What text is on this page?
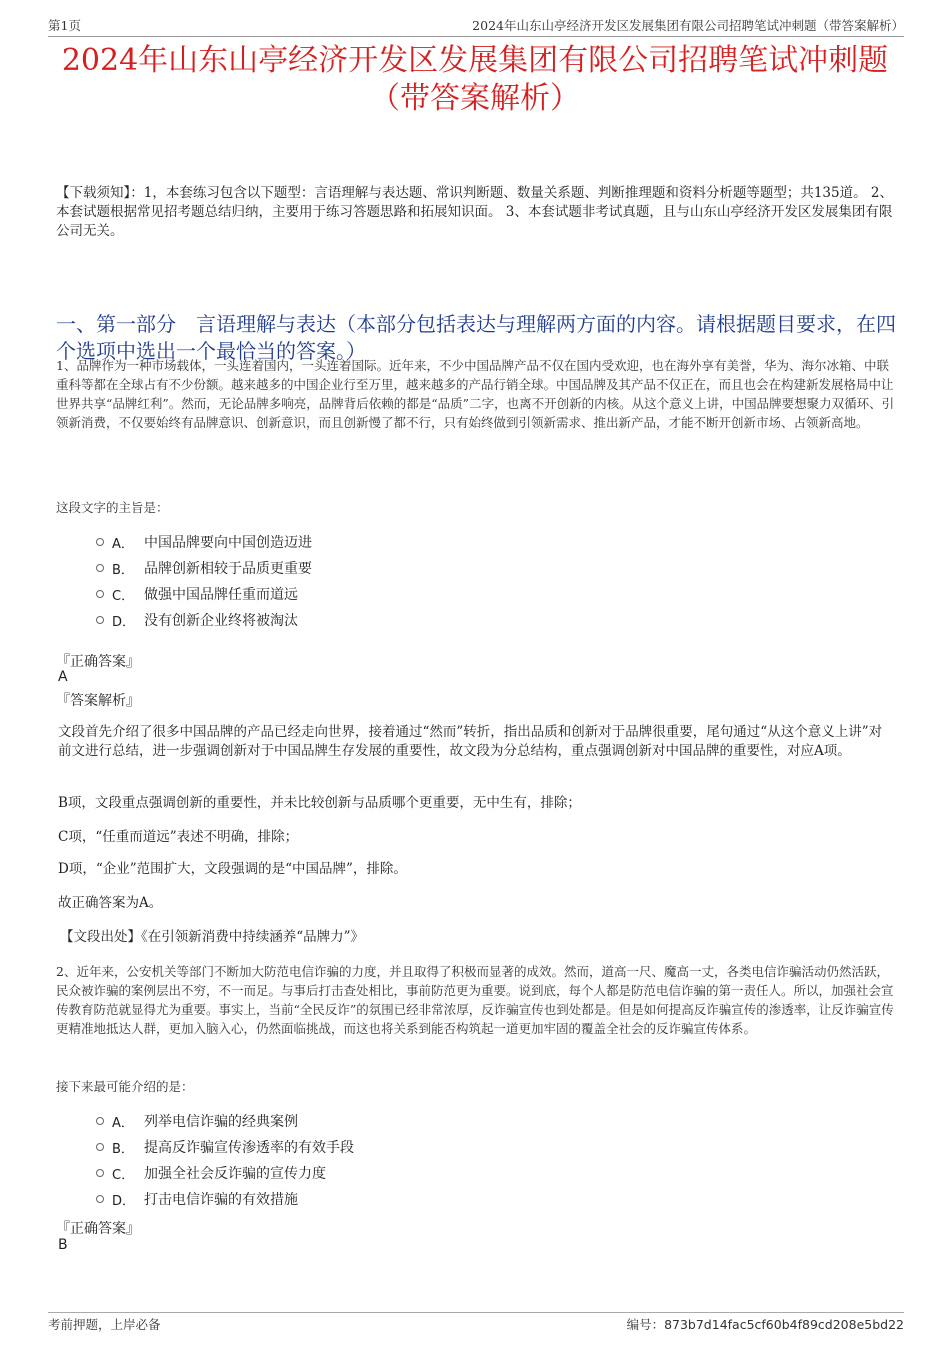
第1页	2024年山东山亭经济开发区发展集团有限公司招聘笔试冲刺题（带答案解析）
2024年山东山亭经济开发区发展集团有限公司招聘笔试冲刺题（带答案解析）

【下载须知】：1，本套练习包含以下题型：言语理解与表达题、常识判断题、数量关系题、判断推理题和资料分析题等题型；共135道。 2、本套试题根据常见招考题总结归纳，主要用于练习答题思路和拓展知识面。 3、本套试题非考试真题，且与山东山亭经济开发区发展集团有限公司无关。

一、第一部分　言语理解与表达（本部分包括表达与理解两方面的内容。请根据题目要求，在四个选项中选出一个最恰当的答案。）

1、品牌作为一种市场载体，一头连着国内，一头连着国际。近年来，不少中国品牌产品不仅在国内受欢迎，也在海外享有美誉，华为、海尔冰箱、中联重科等都在全球占有不少份额。越来越多的中国企业行至万里，越来越多的产品行销全球。中国品牌及其产品不仅正在，而且也会在构建新发展格局中让世界共享“品牌红利”。然而，无论品牌多响亮，品牌背后依赖的都是“品质”二字，也离不开创新的内核。从这个意义上讲，中国品牌要想聚力双循环、引领新消费，不仅要始终有品牌意识、创新意识，而且创新慢了都不行，只有始终做到引领新需求、推出新产品，才能不断开创新市场、占领新高地。

这段文字的主旨是：

A． 中国品牌要向中国创造迈进
B． 品牌创新相较于品质更重要
C． 做强中国品牌任重而道远
D． 没有创新企业终将被淘汰

『正确答案』

A

『答案解析』

文段首先介绍了很多中国品牌的产品已经走向世界，接着通过“然而”转折，指出品质和创新对于品牌很重要，尾句通过“从这个意义上讲”对前文进行总结，进一步强调创新对于中国品牌生存发展的重要性，故文段为分总结构，重点强调创新对中国品牌的重要性，对应A项。

B项，文段重点强调创新的重要性，并未比较创新与品质哪个更重要，无中生有，排除；

C项，“任重而道远”表述不明确，排除；

D项，“企业”范围扩大，文段强调的是“中国品牌”，排除。

故正确答案为A。

【文段出处】《在引领新消费中持续涵养“品牌力”》

2、近年来，公安机关等部门不断加大防范电信诈骗的力度，并且取得了积极而显著的成效。然而，道高一尺、魔高一丈，各类电信诈骗活动仍然活跃，民众被诈骗的案例层出不穷，不一而足。与事后打击查处相比，事前防范更为重要。说到底，每个人都是防范电信诈骗的第一责任人。所以，加强社会宣传教育防范就显得尤为重要。事实上，当前“全民反诈”的氛围已经非常浓厚，反诈骗宣传也到处都是。但是如何提高反诈骗宣传的渗透率，让反诈骗宣传更精准地抵达人群，更加入脑入心，仍然面临挑战，而这也将关系到能否构筑起一道更加牢固的覆盖全社会的反诈骗宣传体系。

接下来最可能介绍的是：

A． 列举电信诈骗的经典案例
B． 提高反诈骗宣传渗透率的有效手段
C． 加强全社会反诈骗的宣传力度
D． 打击电信诈骗的有效措施

『正确答案』

B

考前押题，上岸必备	编号：873b7d14fac5cf60b4f89cd208e5bd22
